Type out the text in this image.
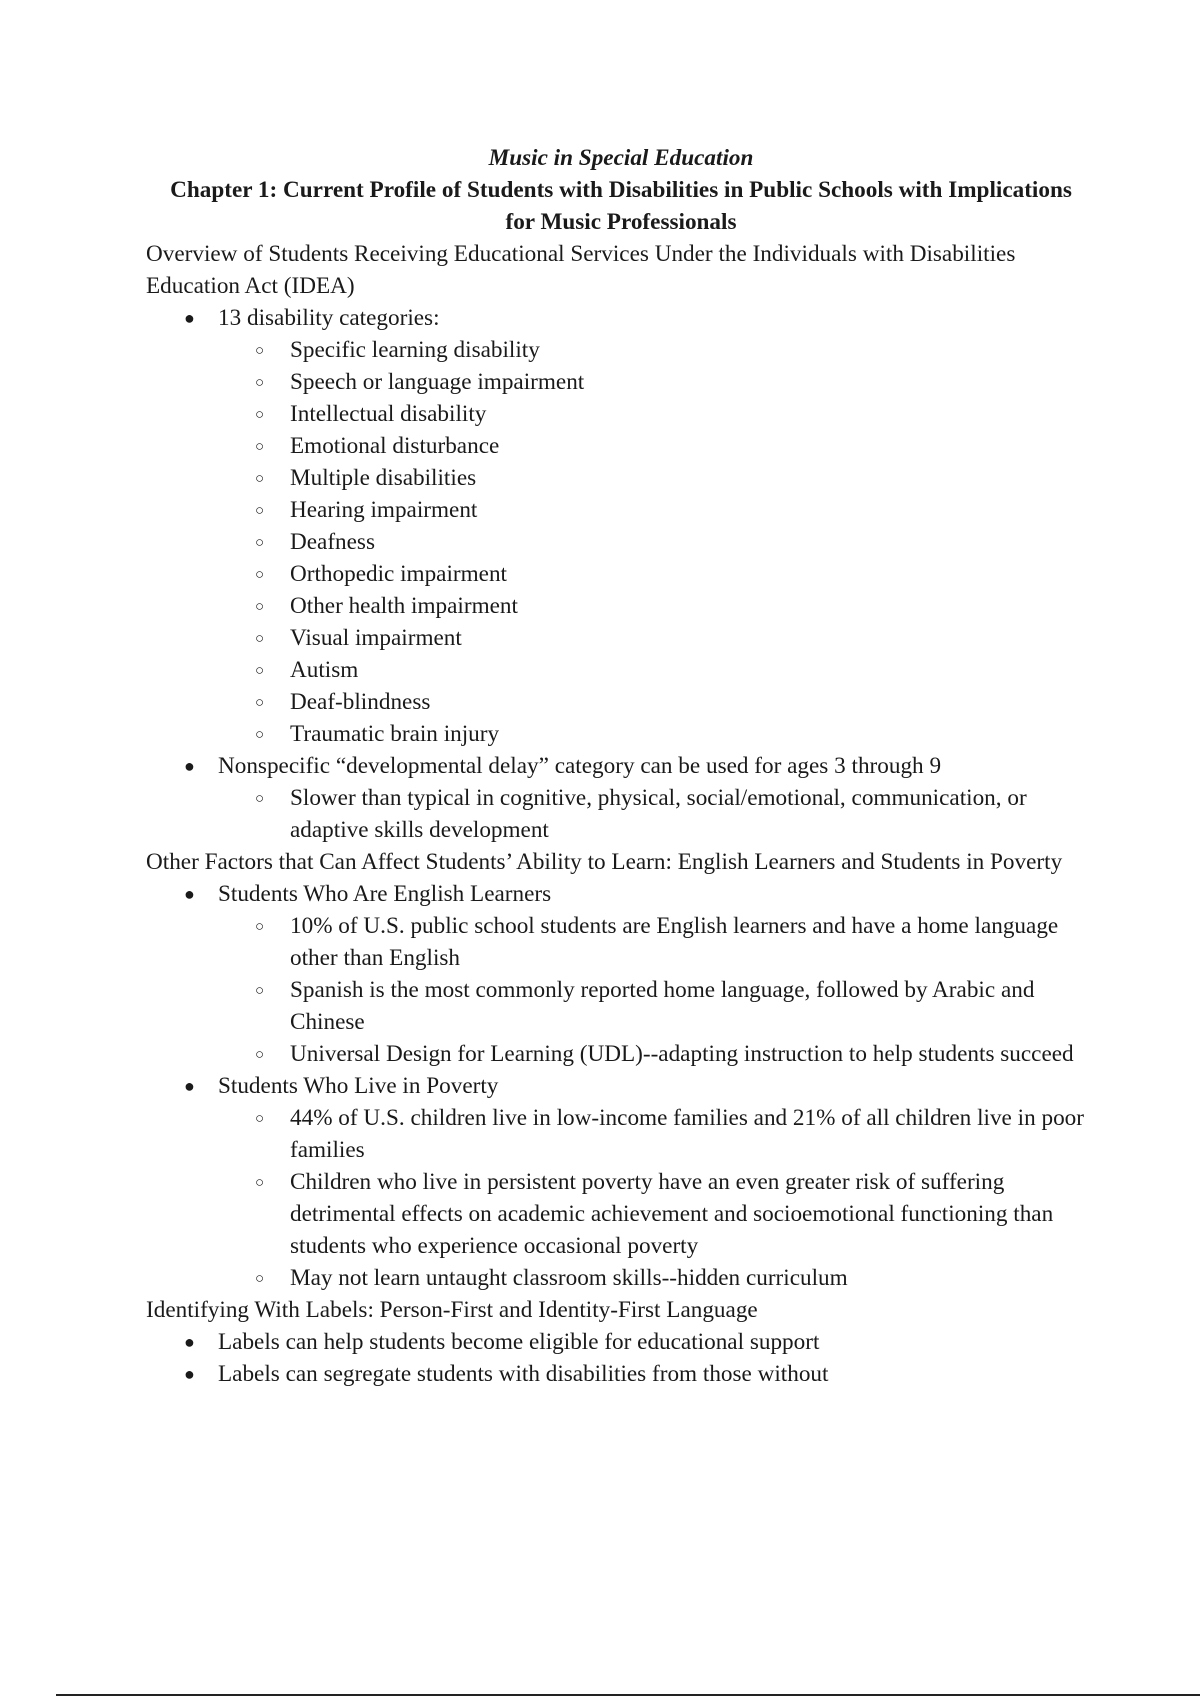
Music in Special Education

Chapter 1: Current Profile of Students with Disabilities in Public Schools with Implications for Music Professionals

Overview of Students Receiving Educational Services Under the Individuals with Disabilities Education Act (IDEA)

● 13 disability categories:
○ Specific learning disability
○ Speech or language impairment
○ Intellectual disability
○ Emotional disturbance
○ Multiple disabilities
○ Hearing impairment
○ Deafness
○ Orthopedic impairment
○ Other health impairment
○ Visual impairment
○ Autism
○ Deaf-blindness
○ Traumatic brain injury
● Nonspecific “developmental delay” category can be used for ages 3 through 9
○ Slower than typical in cognitive, physical, social/emotional, communication, or adaptive skills development

Other Factors that Can Affect Students’ Ability to Learn: English Learners and Students in Poverty

● Students Who Are English Learners
○ 10% of U.S. public school students are English learners and have a home language other than English
○ Spanish is the most commonly reported home language, followed by Arabic and Chinese
○ Universal Design for Learning (UDL)--adapting instruction to help students succeed
● Students Who Live in Poverty
○ 44% of U.S. children live in low-income families and 21% of all children live in poor families
○ Children who live in persistent poverty have an even greater risk of suffering detrimental effects on academic achievement and socioemotional functioning than students who experience occasional poverty
○ May not learn untaught classroom skills--hidden curriculum

Identifying With Labels: Person-First and Identity-First Language

● Labels can help students become eligible for educational support
● Labels can segregate students with disabilities from those without
